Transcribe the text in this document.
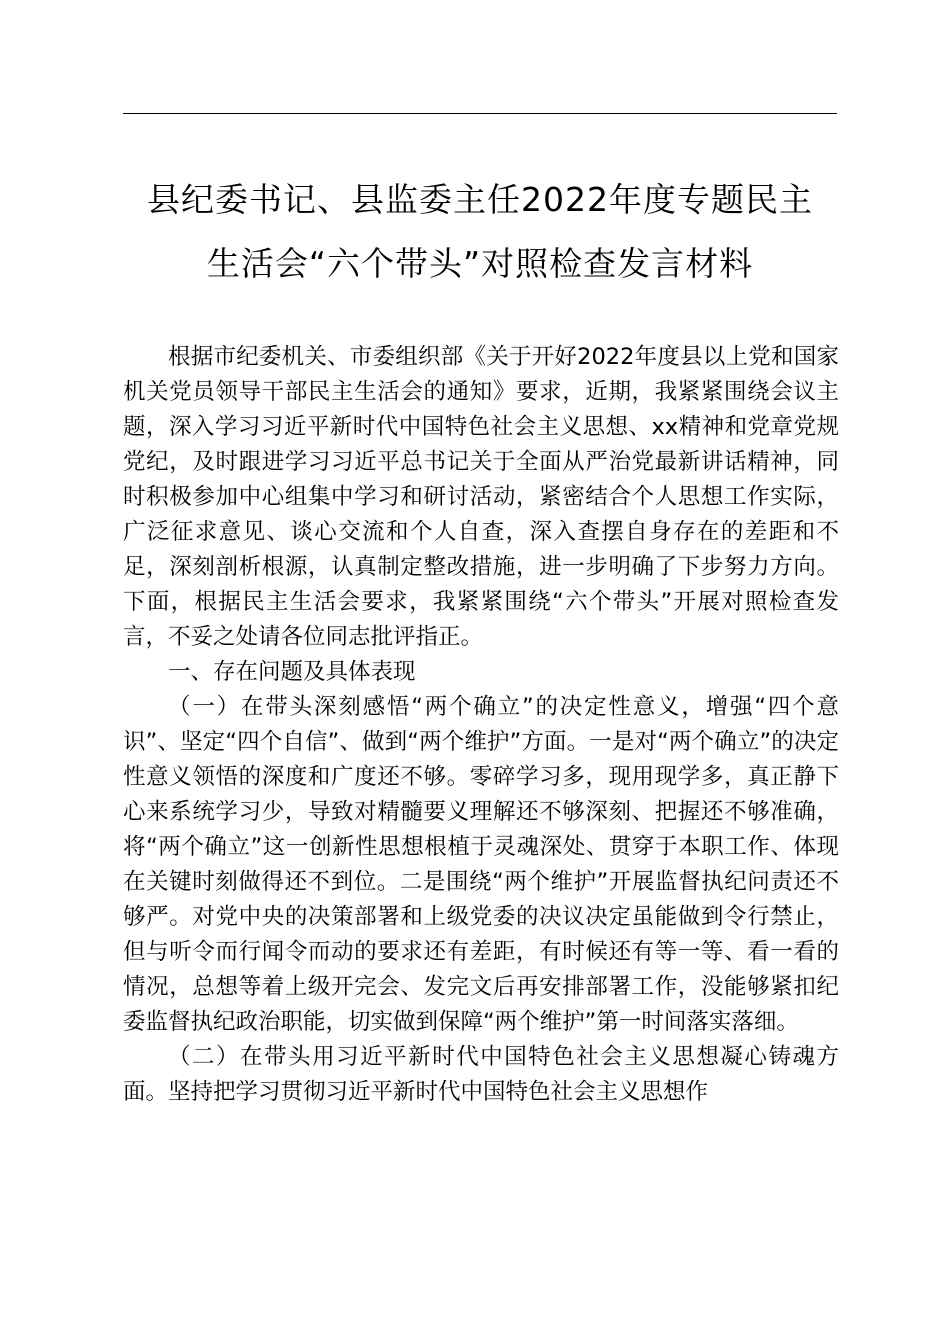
县纪委书记、县监委主任2022年度专题民主
生活会“六个带头”对照检查发言材料

根据市纪委机关、市委组织部《关于开好2022年度县以上党和国家机关党员领导干部民主生活会的通知》要求，近期，我紧紧围绕会议主题，深入学习习近平新时代中国特色社会主义思想、xx精神和党章党规党纪，及时跟进学习习近平总书记关于全面从严治党最新讲话精神，同时积极参加中心组集中学习和研讨活动，紧密结合个人思想工作实际，广泛征求意见、谈心交流和个人自查，深入查摆自身存在的差距和不足，深刻剖析根源，认真制定整改措施，进一步明确了下步努力方向。下面，根据民主生活会要求，我紧紧围绕“六个带头”开展对照检查发言，不妥之处请各位同志批评指正。

一、存在问题及具体表现

（一）在带头深刻感悟“两个确立”的决定性意义，增强“四个意识”、坚定“四个自信”、做到“两个维护”方面。一是对“两个确立”的决定性意义领悟的深度和广度还不够。零碎学习多，现用现学多，真正静下心来系统学习少，导致对精髓要义理解还不够深刻、把握还不够准确，将“两个确立”这一创新性思想根植于灵魂深处、贯穿于本职工作、体现在关键时刻做得还不到位。二是围绕“两个维护”开展监督执纪问责还不够严。对党中央的决策部署和上级党委的决议决定虽能做到令行禁止，但与听令而行闻令而动的要求还有差距，有时候还有等一等、看一看的情况，总想等着上级开完会、发完文后再安排部署工作，没能够紧扣纪委监督执纪政治职能，切实做到保障“两个维护”第一时间落实落细。

（二）在带头用习近平新时代中国特色社会主义思想凝心铸魂方面。坚持把学习贯彻习近平新时代中国特色社会主义思想作
